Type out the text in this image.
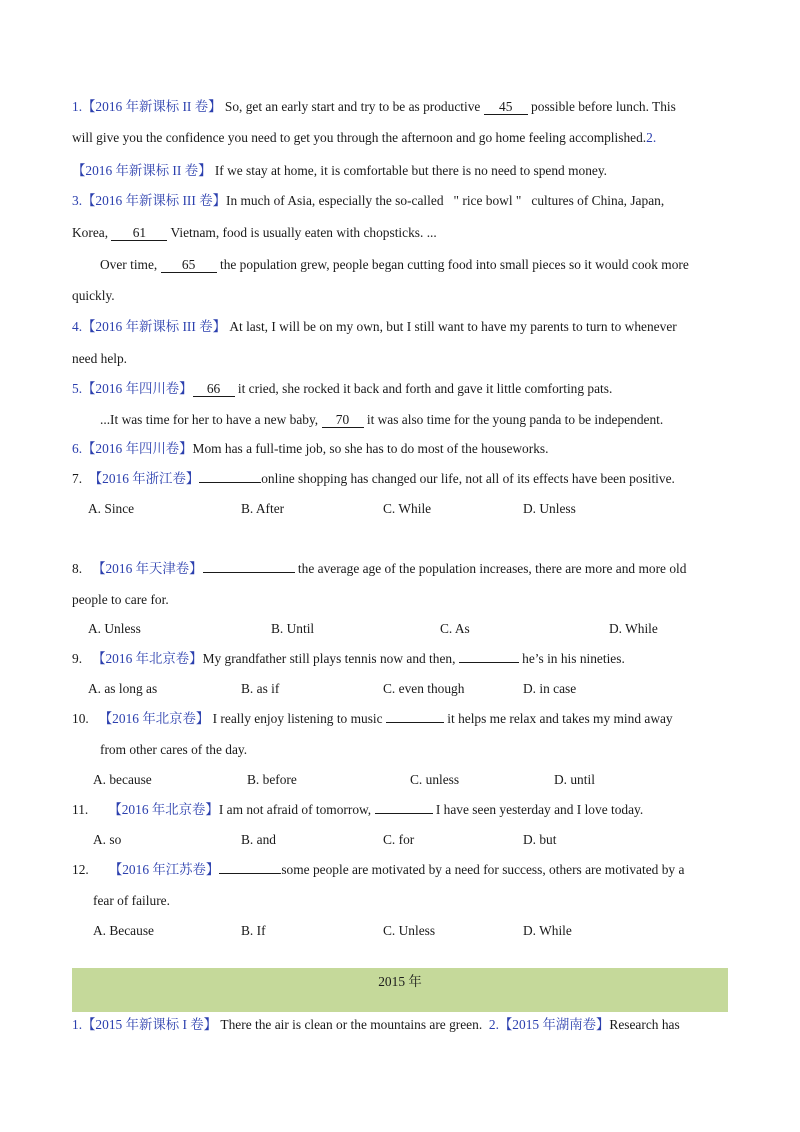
1.【2016 年新课标 II 卷】 So, get an early start and try to be as productive 45 possible before lunch. This
will give you the confidence you need to get you through the afternoon and go home feeling accomplished.2.
【2016 年新课标 II 卷】 If we stay at home, it is comfortable but there is no need to spend money.
3.【2016 年新课标 III 卷】In much of Asia, especially the so-called   " rice bowl "   cultures of China, Japan,
Korea, 61 Vietnam, food is usually eaten with chopsticks. ...
Over time, 65 the population grew, people began cutting food into small pieces so it would cook more
quickly.
4.【2016 年新课标 III 卷】 At last, I will be on my own, but I still want to have my parents to turn to whenever
need help.
5.【2016 年四川卷】 66 it cried, she rocked it back and forth and gave it little comforting pats.
...It was time for her to have a new baby, 70 it was also time for the young panda to be independent.
6.【2016 年四川卷】Mom has a full-time job, so she has to do most of the houseworks.
7. 【2016 年浙江卷】	online shopping has changed our life, not all of its effects have been positive.
A. Since	B. After	C. While	D. Unless
8. 【2016 年天津卷】	the average age of the population increases, there are more and more old
people to care for.
A. Unless	B. Until	C. As	D. While
9. 【2016 年北京卷】My grandfather still plays tennis now and then,	he’s in his nineties.
A. as long as	B. as if	C. even though	D. in case
10. 【2016 年北京卷】 I really enjoy listening to music	it helps me relax and takes my mind away
from other cares of the day.
A. because	B. before	C. unless	D. until
11. 【2016 年北京卷】I am not afraid of tomorrow,	I have seen yesterday and I love today.
A. so	B. and	C. for	D. but
12. 【2016 年江苏卷】	some people are motivated by a need for success, others are motivated by a
fear of failure.
A. Because	B. If	C. Unless	D. While
2015 年
1.【2015 年新课标 I 卷】 There the air is clean or the mountains are green. 2.【2015 年湖南卷】Research has
